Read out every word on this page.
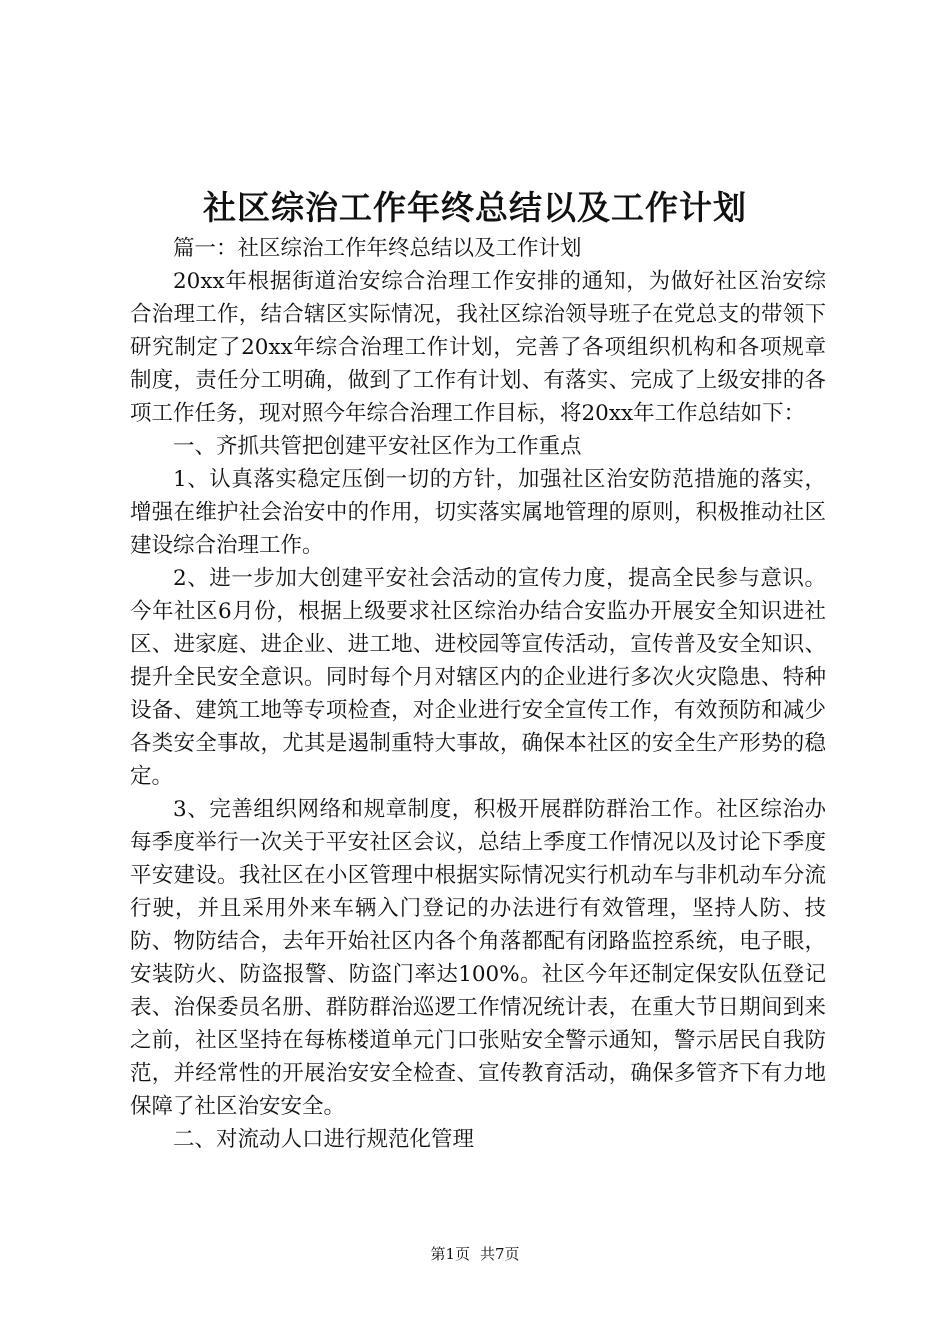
社区综治工作年终总结以及工作计划

篇一：社区综治工作年终总结以及工作计划

20xx年根据街道治安综合治理工作安排的通知，为做好社区治安综合治理工作，结合辖区实际情况，我社区综治领导班子在党总支的带领下研究制定了20xx年综合治理工作计划，完善了各项组织机构和各项规章制度，责任分工明确，做到了工作有计划、有落实、完成了上级安排的各项工作任务，现对照今年综合治理工作目标，将20xx年工作总结如下：

一、齐抓共管把创建平安社区作为工作重点

1、认真落实稳定压倒一切的方针，加强社区治安防范措施的落实，增强在维护社会治安中的作用，切实落实属地管理的原则，积极推动社区建设综合治理工作。

2、进一步加大创建平安社会活动的宣传力度，提高全民参与意识。今年社区6月份，根据上级要求社区综治办结合安监办开展安全知识进社区、进家庭、进企业、进工地、进校园等宣传活动，宣传普及安全知识、提升全民安全意识。同时每个月对辖区内的企业进行多次火灾隐患、特种设备、建筑工地等专项检查，对企业进行安全宣传工作，有效预防和减少各类安全事故，尤其是遏制重特大事故，确保本社区的安全生产形势的稳定。

3、完善组织网络和规章制度，积极开展群防群治工作。社区综治办每季度举行一次关于平安社区会议，总结上季度工作情况以及讨论下季度平安建设。我社区在小区管理中根据实际情况实行机动车与非机动车分流行驶，并且采用外来车辆入门登记的办法进行有效管理，坚持人防、技防、物防结合，去年开始社区内各个角落都配有闭路监控系统，电子眼，安装防火、防盗报警、防盗门率达100%。社区今年还制定保安队伍登记表、治保委员名册、群防群治巡逻工作情况统计表，在重大节日期间到来之前，社区坚持在每栋楼道单元门口张贴安全警示通知，警示居民自我防范，并经常性的开展治安安全检查、宣传教育活动，确保多管齐下有力地保障了社区治安安全。

二、对流动人口进行规范化管理

第1页 共7页
